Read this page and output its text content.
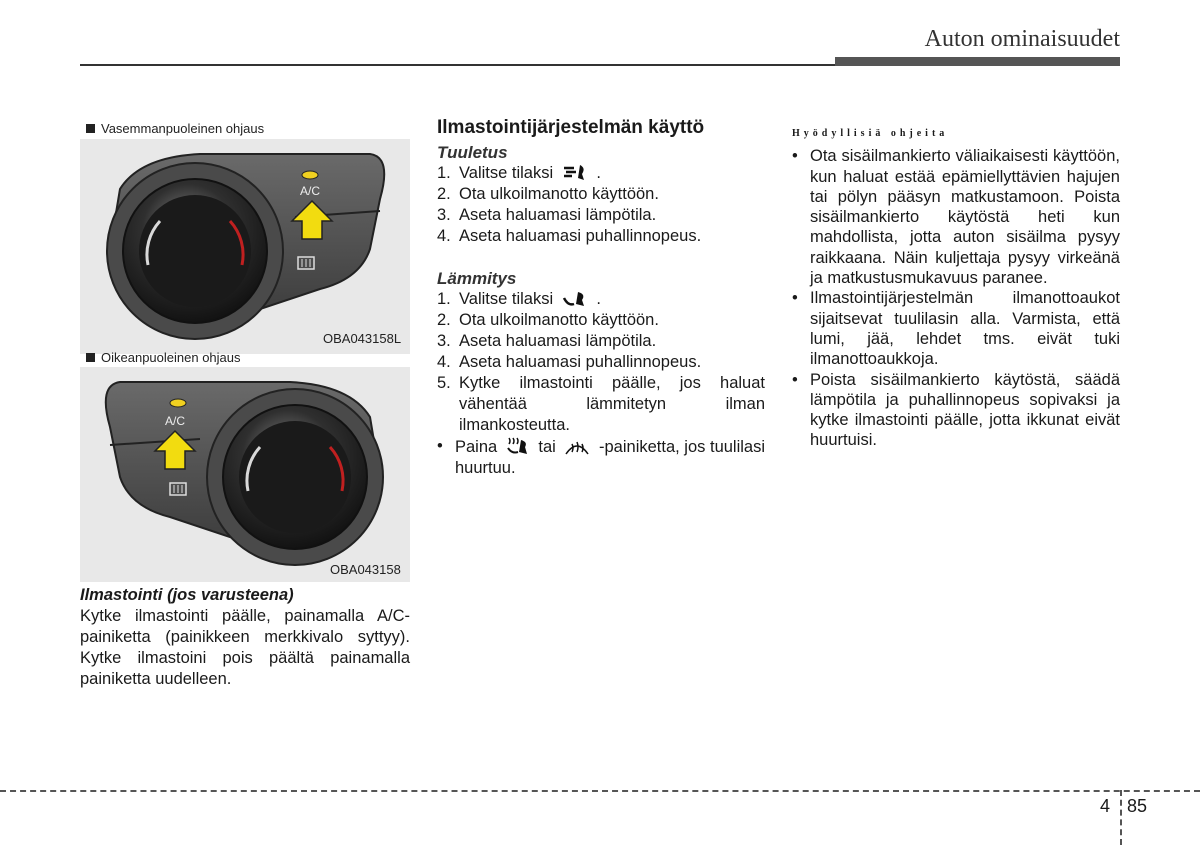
Auton ominaisuudet
Vasemmanpuoleinen ohjaus
A/C
OBA043158L
Oikeanpuoleinen ohjaus
A/C
OBA043158
Ilmastointi (jos varusteena)
Kytke ilmastointi päälle, painamalla A/C-painiketta (painikkeen merkkivalo syttyy). Kytke ilmastoini pois päältä painamalla painiketta uudelleen.
Ilmastointijärjestelmän käyttö
Tuuletus
1. Valitse tilaksi	.
2. Ota ulkoilmanotto käyttöön.
3. Aseta haluamasi lämpötila.
4. Aseta haluamasi puhallinnopeus.
Lämmitys
1. Valitse tilaksi	.
2. Ota ulkoilmanotto käyttöön.
3. Aseta haluamasi lämpötila.
4. Aseta haluamasi puhallinnopeus.
5. Kytke ilmastointi päälle, jos haluat vähentää lämmitetyn ilman ilmankosteutta.
• Paina tai	-painiketta, jos tuulilasi huurtuu.
Hyödyllisiä ohjeita
• Ota sisäilmankierto väliaikaisesti käyttöön, kun haluat estää epämiellyttävien hajujen tai pölyn pääsyn matkustamoon. Poista sisäilmankierto käytöstä heti kun mahdollista, jotta auton sisäilma pysyy raikkaana. Näin kuljettaja pysyy virkeänä ja matkustusmukavuus paranee.
• Ilmastointijärjestelmän ilmanottoaukot sijaitsevat tuulilasin alla. Varmista, että lumi, jää, lehdet tms. eivät tuki ilmanottoaukkoja.
• Poista sisäilmankierto käytöstä, säädä lämpötila ja puhallinnopeus sopivaksi ja kytke ilmastointi päälle, jotta ikkunat eivät huurtuisi.
4 85
